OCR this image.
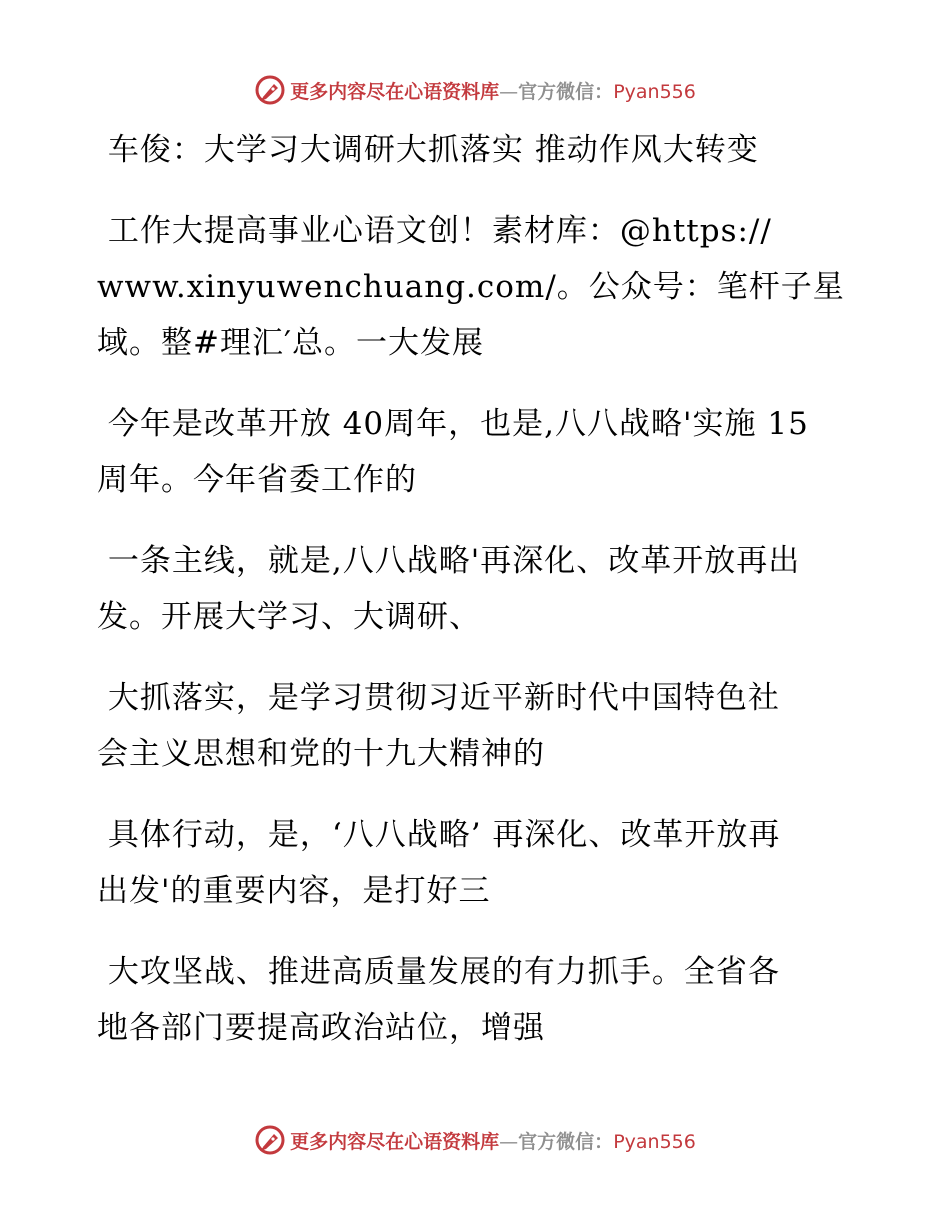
更多内容尽在心语资料库—官方微信：Pyan556

车俊：大学习大调研大抓落实 推动作风大转变

工作大提高事业心语文创！素材库：@https://
www.xinyuwenchuang.com/。公众号：笔杆子星
域。整#理汇′总。一大发展

今年是改革开放 40周年，也是,八八战略'实施 15
周年。今年省委工作的

一条主线，就是,八八战略'再深化、改革开放再出
发。开展大学习、大调研、

大抓落实，是学习贯彻习近平新时代中国特色社
会主义思想和党的十九大精神的

具体行动，是，‘八八战略’ 再深化、改革开放再
出发'的重要内容，是打好三

大攻坚战、推进高质量发展的有力抓手。全省各
地各部门要提高政治站位，增强

更多内容尽在心语资料库—官方微信：Pyan556
